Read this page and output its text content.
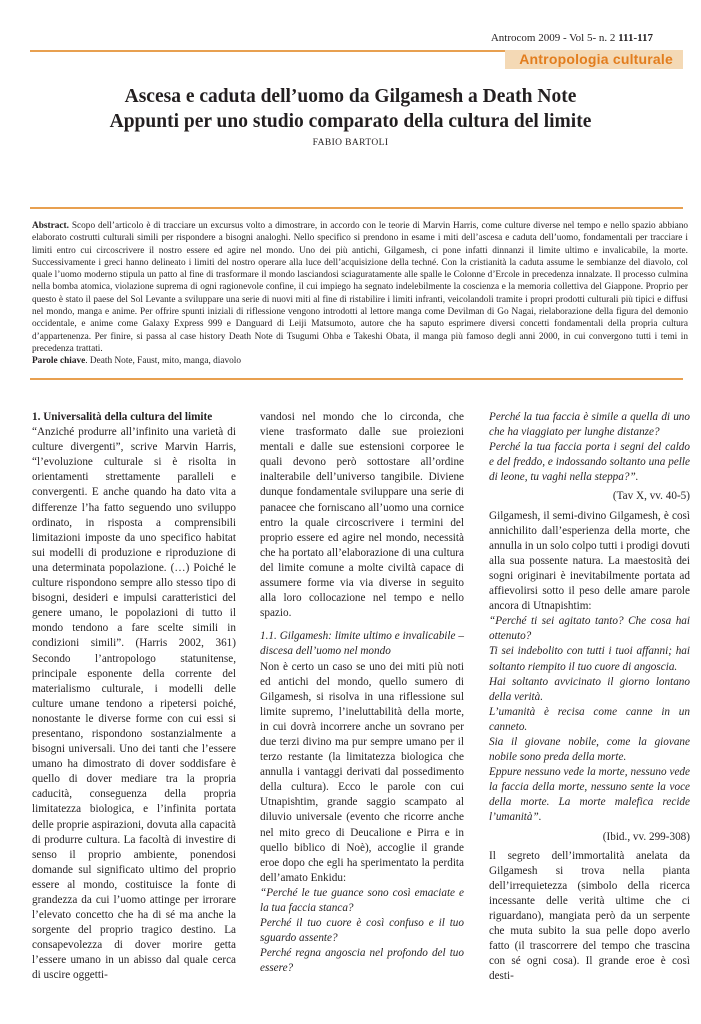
Antrocom 2009 - Vol 5- n. 2 111-117
Antropologia culturale
Ascesa e caduta dell’uomo da Gilgamesh a Death Note
Appunti per uno studio comparato della cultura del limite
FABIO BARTOLI

Abstract. Scopo dell’articolo è di tracciare un excursus volto a dimostrare, in accordo con le teorie di Marvin Harris, come culture diverse nel tempo e nello spazio abbiano elaborato costrutti culturali simili per rispondere a bisogni analoghi. Nello specifico si prendono in esame i miti dell’ascesa e caduta dell’uomo, fondamentali per tracciare i limiti entro cui circoscrivere il nostro essere ed agire nel mondo. Uno dei più antichi, Gilgamesh, ci pone infatti dinnanzi il limite ultimo e invalicabile, la morte. Successivamente i greci hanno delineato i limiti del nostro operare alla luce dell’acquisizione della techné. Con la cristianità la caduta assume le sembianze del diavolo, col quale l’uomo moderno stipula un patto al fine di trasformare il mondo lasciandosi sciaguratamente alle spalle le Colonne d’Ercole in precedenza innalzate. Il processo culmina nella bomba atomica, violazione suprema di ogni ragionevole confine, il cui impiego ha segnato indelebilmente la coscienza e la memoria collettiva del Giappone. Proprio per questo è stato il paese del Sol Levante a sviluppare una serie di nuovi miti al fine di ristabilire i limiti infranti, veicolandoli tramite i propri prodotti culturali più tipici e diffusi nel mondo, manga e anime. Per offrire spunti iniziali di riflessione vengono introdotti al lettore manga come Devilman di Go Nagai, rielaborazione della figura del demonio occidentale, e anime come Galaxy Express 999 e Danguard di Leiji Matsumoto, autore che ha saputo esprimere diversi concetti fondamentali della propria cultura d’appartenenza. Per finire, si passa al case history Death Note di Tsugumi Ohba e Takeshi Obata, il manga più famoso degli anni 2000, in cui convergono tutti i temi in precedenza trattati.

Parole chiave. Death Note, Faust, mito, manga, diavolo

1. Universalità della cultura del limite

“Anziché produrre all’infinito una varietà di culture divergenti”, scrive Marvin Harris, “l’evoluzione culturale si è risolta in orientamenti strettamente paralleli e convergenti. E anche quando ha dato vita a differenze l’ha fatto seguendo uno sviluppo ordinato, in risposta a comprensibili limitazioni imposte da uno specifico habitat sui modelli di produzione e riproduzione di una determinata popolazione. (…) Poiché le culture rispondono sempre allo stesso tipo di bisogni, desideri e impulsi caratteristici del genere umano, le popolazioni di tutto il mondo tendono a fare scelte simili in condizioni simili”. (Harris 2002, 361) Secondo l’antropologo statunitense, principale esponente della corrente del materialismo culturale, i modelli delle culture umane tendono a ripetersi poiché, nonostante le diverse forme con cui essi si presentano, rispondono sostanzialmente a bisogni universali. Uno dei tanti che l’essere umano ha dimostrato di dover soddisfare è quello di dover mediare tra la propria caducità, conseguenza della propria limitatezza biologica, e l’infinita portata delle proprie aspirazioni, dovuta alla capacità di produrre cultura. La facoltà di investire di senso il proprio ambiente, ponendosi domande sul significato ultimo del proprio essere al mondo, costituisce la fonte di grandezza da cui l’uomo attinge per irrorare l’elevato concetto che ha di sé ma anche la sorgente del proprio tragico destino. La consapevolezza di dover morire getta l’essere umano in un abisso dal quale cerca di uscire oggetti-

vandosi nel mondo che lo circonda, che viene trasformato dalle sue proiezioni mentali e dalle sue estensioni corporee le quali devono però sottostare all’ordine inalterabile dell’universo tangibile. Diviene dunque fondamentale sviluppare una serie di panacee che forniscano all’uomo una cornice entro la quale circoscrivere i termini del proprio essere ed agire nel mondo, necessità che ha portato all’elaborazione di una cultura del limite comune a molte civiltà capace di assumere forme via via diverse in seguito alla loro collocazione nel tempo e nello spazio.

1.1. Gilgamesh: limite ultimo e invalicabile – discesa dell’uomo nel mondo

Non è certo un caso se uno dei miti più noti ed antichi del mondo, quello sumero di Gilgamesh, si risolva in una riflessione sul limite supremo, l’ineluttabilità della morte, in cui dovrà incorrere anche un sovrano per due terzi divino ma pur sempre umano per il terzo restante (la limitatezza biologica che annulla i vantaggi derivati dal possedimento della cultura). Ecco le parole con cui Utnapishtim, grande saggio scampato al diluvio universale (evento che ricorre anche nel mito greco di Deucalione e Pirra e in quello biblico di Noè), accoglie il grande eroe dopo che egli ha sperimentato la perdita dell’amato Enkidu:

“Perché le tue guance sono così emaciate e la tua faccia stanca?

Perché il tuo cuore è così confuso e il tuo sguardo assente?

Perché regna angoscia nel profondo del tuo essere?

Perché la tua faccia è simile a quella di uno che ha viaggiato per lunghe distanze?

Perché la tua faccia porta i segni del caldo e del freddo, e indossando soltanto una pelle di leone, tu vaghi nella steppa?”.

(Tav X, vv. 40-5)

Gilgamesh, il semi-divino Gilgamesh, è così annichilito dall’esperienza della morte, che annulla in un solo colpo tutti i prodigi dovuti alla sua possente natura. La maestosità dei sogni originari è inevitabilmente portata ad affievolirsi sotto il peso delle amare parole ancora di Utnapishtim:

“Perché ti sei agitato tanto? Che cosa hai ottenuto?

Ti sei indebolito con tutti i tuoi affanni; hai soltanto riempito il tuo cuore di angoscia.

Hai soltanto avvicinato il giorno lontano della verità.

L’umanità è recisa come canne in un canneto.

Sia il giovane nobile, come la giovane nobile sono preda della morte.

Eppure nessuno vede la morte, nessuno vede la faccia della morte, nessuno sente la voce della morte. La morte malefica recide l’umanità”.

(Ibid., vv. 299-308)

Il segreto dell’immortalità anelata da Gilgamesh si trova nella pianta dell’irrequietezza (simbolo della ricerca incessante delle verità ultime che ci riguardano), mangiata però da un serpente che muta subito la sua pelle dopo averlo fatto (il trascorrere del tempo che trascina con sé ogni cosa). Il grande eroe è così desti-
